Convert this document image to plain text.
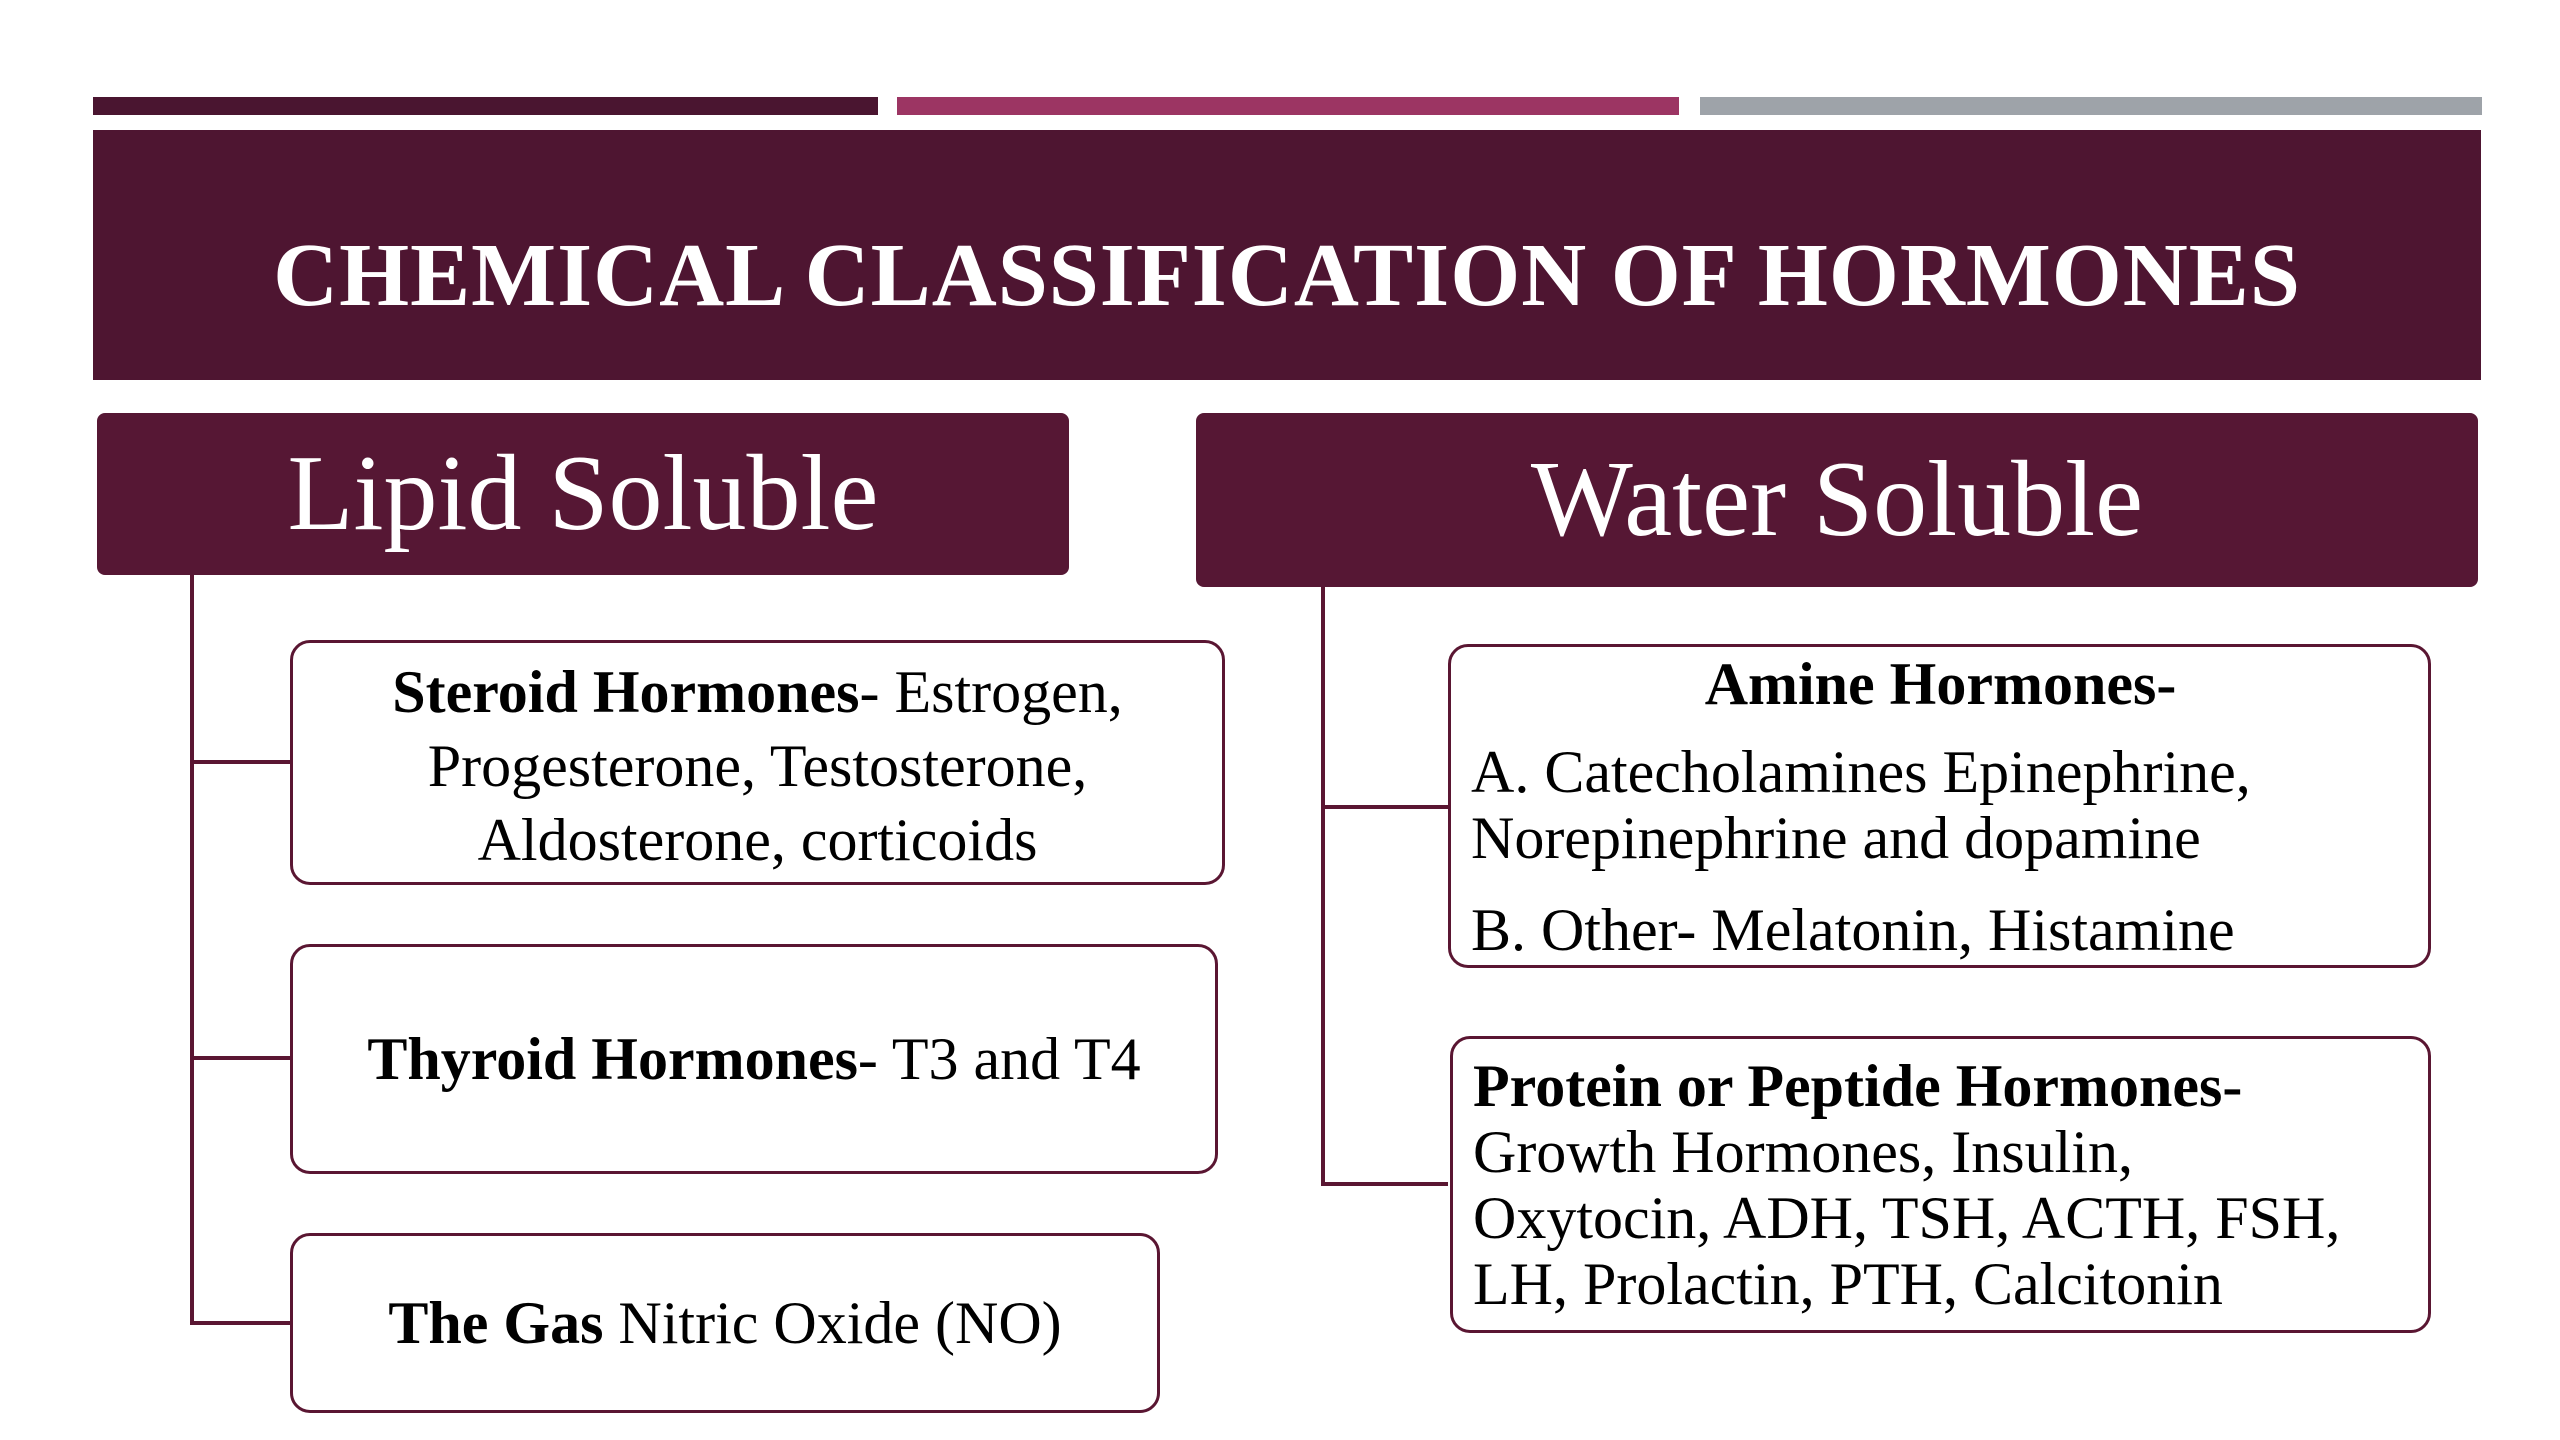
CHEMICAL CLASSIFICATION OF HORMONES
Lipid Soluble	Water Soluble

Steroid Hormones- Estrogen,

Progesterone, Testosterone,

Aldosterone, corticoids

Thyroid Hormones- T3 and T4

The Gas Nitric Oxide (NO)

Amine Hormones-

A. Catecholamines Epinephrine,

Norepinephrine and dopamine

B. Other- Melatonin, Histamine

Protein or Peptide Hormones-

Growth Hormones, Insulin,

Oxytocin, ADH, TSH, ACTH, FSH,

LH, Prolactin, PTH, Calcitonin
